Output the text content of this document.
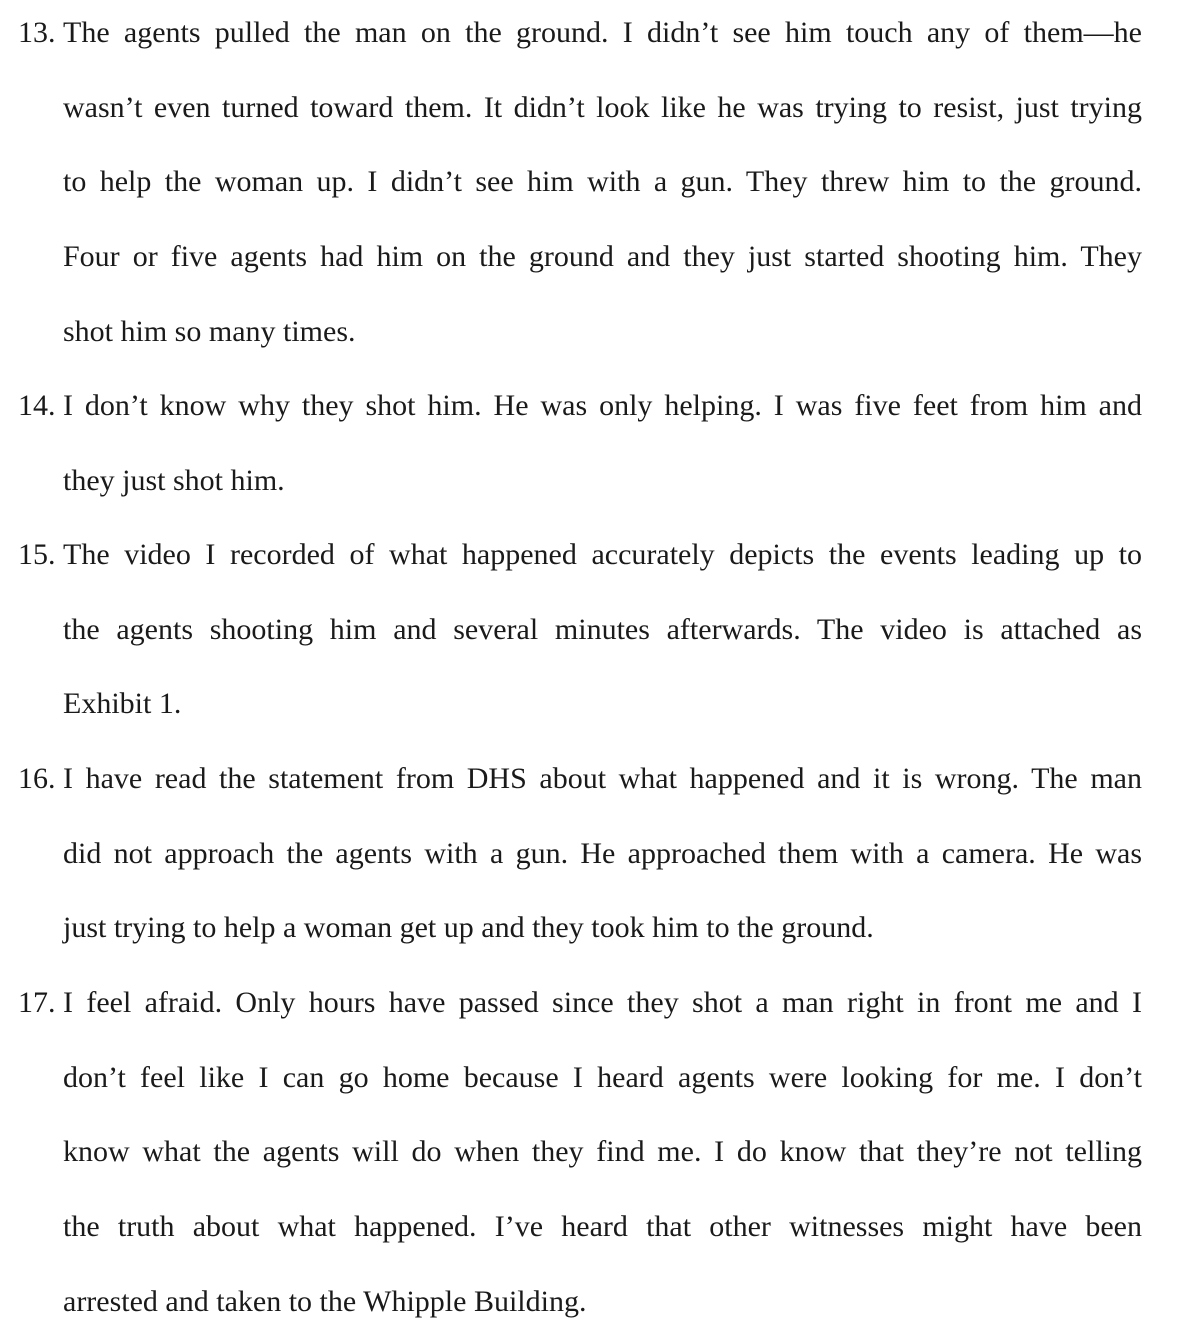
13. The agents pulled the man on the ground. I didn’t see him touch any of them—he
wasn’t even turned toward them. It didn’t look like he was trying to resist, just trying
to help the woman up. I didn’t see him with a gun. They threw him to the ground.
Four or five agents had him on the ground and they just started shooting him. They
shot him so many times.
14. I don’t know why they shot him. He was only helping. I was five feet from him and
they just shot him.
15. The video I recorded of what happened accurately depicts the events leading up to
the agents shooting him and several minutes afterwards. The video is attached as
Exhibit 1.
16. I have read the statement from DHS about what happened and it is wrong. The man
did not approach the agents with a gun. He approached them with a camera. He was
just trying to help a woman get up and they took him to the ground.
17. I feel afraid. Only hours have passed since they shot a man right in front me and I
don’t feel like I can go home because I heard agents were looking for me. I don’t
know what the agents will do when they find me. I do know that they’re not telling
the truth about what happened. I’ve heard that other witnesses might have been
arrested and taken to the Whipple Building.
